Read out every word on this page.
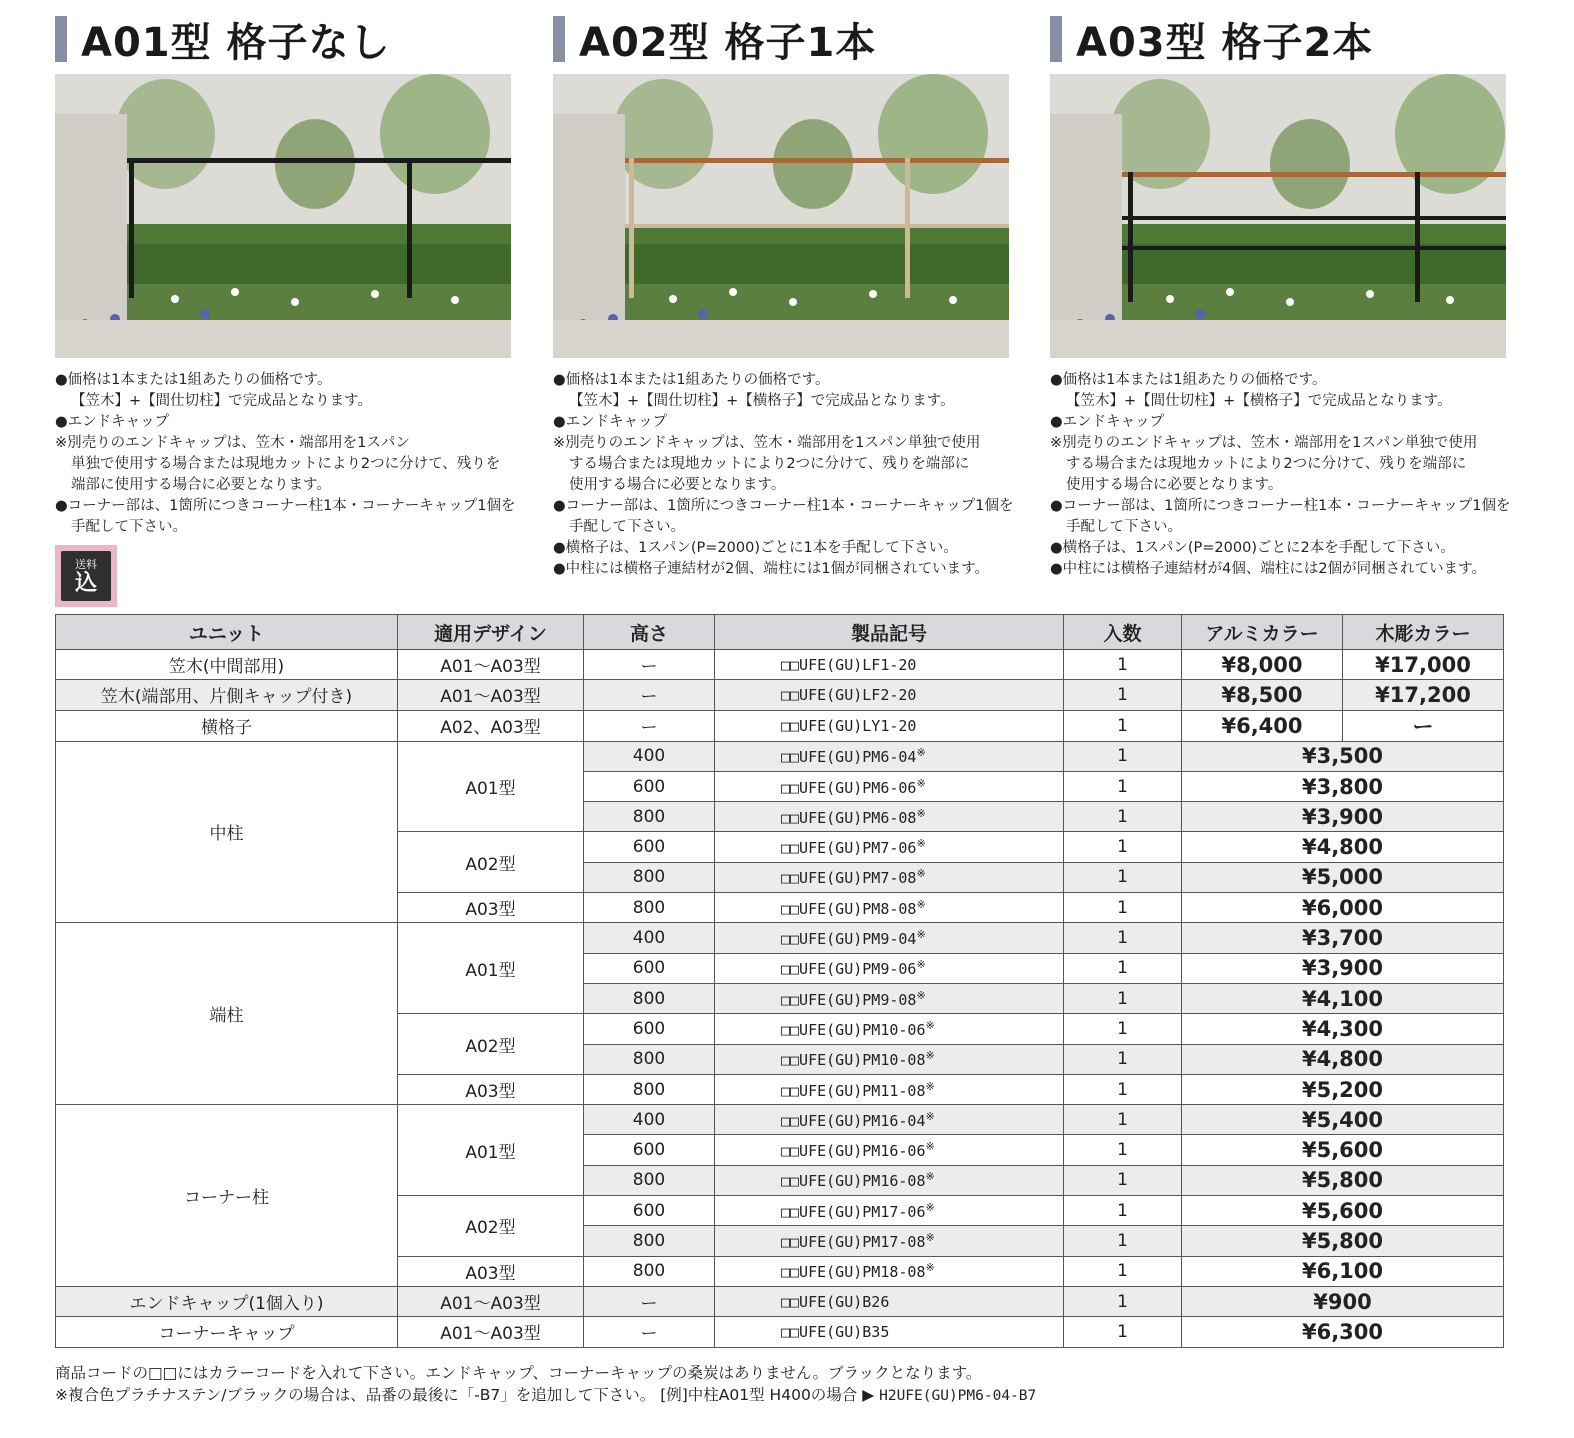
A01型 格子なし
●価格は1本または1組あたりの価格です。
【笠木】+【間仕切柱】で完成品となります。
●エンドキャップ
※別売りのエンドキャップは、笠木・端部用を1スパン
単独で使用する場合または現地カットにより2つに分けて、残りを
端部に使用する場合に必要となります。
●コーナー部は、1箇所につきコーナー柱1本・コーナーキャップ1個を
手配して下さい。
A02型 格子1本
●価格は1本または1組あたりの価格です。
【笠木】+【間仕切柱】+【横格子】で完成品となります。
●エンドキャップ
※別売りのエンドキャップは、笠木・端部用を1スパン単独で使用
する場合または現地カットにより2つに分けて、残りを端部に
使用する場合に必要となります。
●コーナー部は、1箇所につきコーナー柱1本・コーナーキャップ1個を
手配して下さい。
●横格子は、1スパン(P=2000)ごとに1本を手配して下さい。
●中柱には横格子連結材が2個、端柱には1個が同梱されています。
A03型 格子2本
●価格は1本または1組あたりの価格です。
【笠木】+【間仕切柱】+【横格子】で完成品となります。
●エンドキャップ
※別売りのエンドキャップは、笠木・端部用を1スパン単独で使用
する場合または現地カットにより2つに分けて、残りを端部に
使用する場合に必要となります。
●コーナー部は、1箇所につきコーナー柱1本・コーナーキャップ1個を
手配して下さい。
●横格子は、1スパン(P=2000)ごとに2本を手配して下さい。
●中柱には横格子連結材が4個、端柱には2個が同梱されています。
送料
込
ユニット	適用デザイン	高さ	製品記号	入数	アルミカラー	木彫カラー
笠木(中間部用)	A01〜A03型	ー	□□UFE(GU)LF1-20	1	¥8,000	¥17,000
笠木(端部用、片側キャップ付き)	A01〜A03型	ー	□□UFE(GU)LF2-20	1	¥8,500	¥17,200
横格子	A02、A03型	ー	□□UFE(GU)LY1-20	1	¥6,400	ー
中柱	A01型	400	□□UFE(GU)PM6-04※	1	¥3,500	
		600	□□UFE(GU)PM6-06※	1	¥3,800	
		800	□□UFE(GU)PM6-08※	1	¥3,900	
	A02型	600	□□UFE(GU)PM7-06※	1	¥4,800	
		800	□□UFE(GU)PM7-08※	1	¥5,000	
	A03型	800	□□UFE(GU)PM8-08※	1	¥6,000	
端柱	A01型	400	□□UFE(GU)PM9-04※	1	¥3,700	
		600	□□UFE(GU)PM9-06※	1	¥3,900	
		800	□□UFE(GU)PM9-08※	1	¥4,100	
	A02型	600	□□UFE(GU)PM10-06※	1	¥4,300	
		800	□□UFE(GU)PM10-08※	1	¥4,800	
	A03型	800	□□UFE(GU)PM11-08※	1	¥5,200	
コーナー柱	A01型	400	□□UFE(GU)PM16-04※	1	¥5,400	
		600	□□UFE(GU)PM16-06※	1	¥5,600	
		800	□□UFE(GU)PM16-08※	1	¥5,800	
	A02型	600	□□UFE(GU)PM17-06※	1	¥5,600	
		800	□□UFE(GU)PM17-08※	1	¥5,800	
	A03型	800	□□UFE(GU)PM18-08※	1	¥6,100	
エンドキャップ(1個入り)	A01〜A03型	ー	□□UFE(GU)B26	1	¥900	
コーナーキャップ	A01〜A03型	ー	□□UFE(GU)B35	1	¥6,300	
商品コードの□□にはカラーコードを入れて下さい。エンドキャップ、コーナーキャップの桑炭はありません。ブラックとなります。
※複合色プラチナステン/ブラックの場合は、品番の最後に「-B7」を追加して下さい。 [例]中柱A01型 H400の場合 ▶ H2UFE(GU)PM6-04-B7
